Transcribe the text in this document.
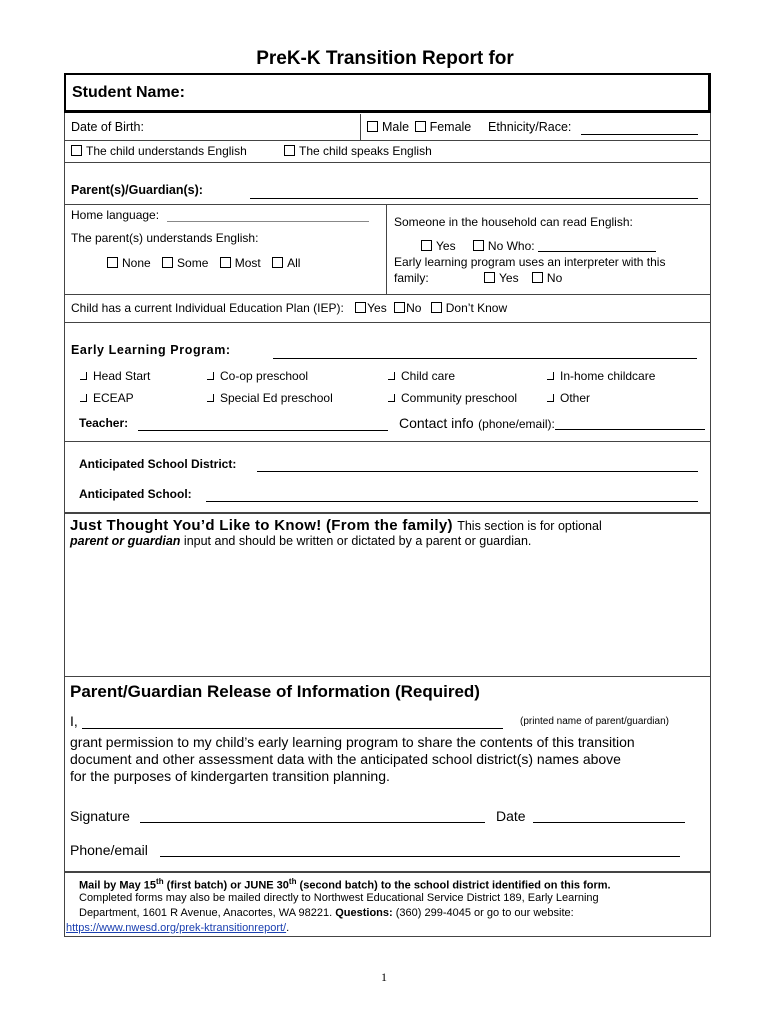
PreK-K Transition Report for
Student Name:
Date of Birth:	Male Female Ethnicity/Race:
The child understands English	The child speaks English
Parent(s)/Guardian(s):
Home language:
The parent(s) understands English:
None Some Most All
Someone in the household can read English:
Yes	No Who:
Early learning program uses an interpreter with this
family:	Yes No
Child has a current Individual Education Plan (IEP): Yes No Don’t Know
Early Learning Program:
Head Start	Co-op preschool	Child care	In-home childcare
ECEAP	Special Ed preschool	Community preschool	Other
Teacher:	Contact info (phone/email):
Anticipated School District:
Anticipated School:
Just Thought You’d Like to Know! (From the family) This section is for optional
parent or guardian input and should be written or dictated by a parent or guardian.
Parent/Guardian Release of Information (Required)
I,	(printed name of parent/guardian)
grant permission to my child’s early learning program to share the contents of this transition
document and other assessment data with the anticipated school district(s) names above
for the purposes of kindergarten transition planning.
Signature	Date
Phone/email
Mail by May 15th (first batch) or JUNE 30th (second batch) to the school district identified on this form.
Completed forms may also be mailed directly to Northwest Educational Service District 189, Early Learning
Department, 1601 R Avenue, Anacortes, WA 98221. Questions: (360) 299-4045 or go to our website:
https://www.nwesd.org/prek-ktransitionreport/.
1
